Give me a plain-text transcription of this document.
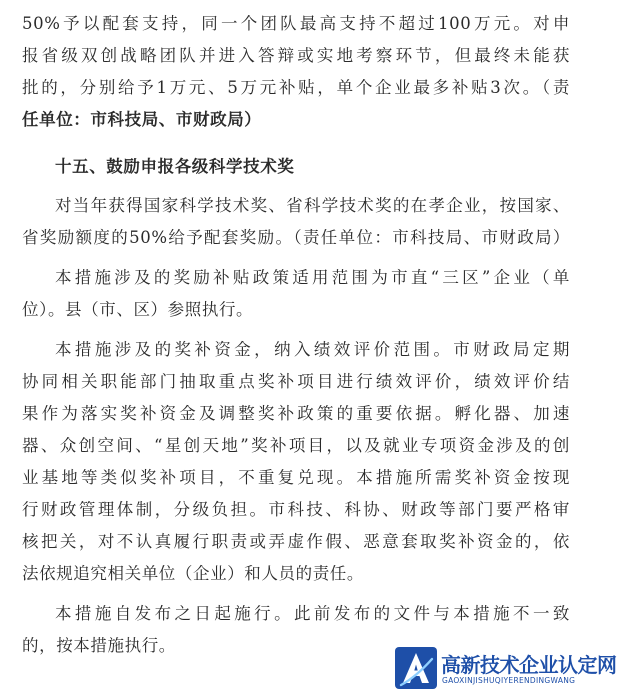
50%予以配套支持，同一个团队最高支持不超过100万元。对申
报省级双创战略团队并进入答辩或实地考察环节，但最终未能获
批的，分别给予1万元、5万元补贴，单个企业最多补贴3次。（责
任单位：市科技局、市财政局）
十五、鼓励申报各级科学技术奖
对当年获得国家科学技术奖、省科学技术奖的在孝企业，按国家、
省奖励额度的50%给予配套奖励。（责任单位：市科技局、市财政局）
本措施涉及的奖励补贴政策适用范围为市直“三区”企业（单
位）。县（市、区）参照执行。
本措施涉及的奖补资金，纳入绩效评价范围。市财政局定期
协同相关职能部门抽取重点奖补项目进行绩效评价，绩效评价结
果作为落实奖补资金及调整奖补政策的重要依据。孵化器、加速
器、众创空间、“星创天地”奖补项目，以及就业专项资金涉及的创
业基地等类似奖补项目，不重复兑现。本措施所需奖补资金按现
行财政管理体制，分级负担。市科技、科协、财政等部门要严格审
核把关，对不认真履行职责或弄虚作假、恶意套取奖补资金的，依
法依规追究相关单位（企业）和人员的责任。
本措施自发布之日起施行。此前发布的文件与本措施不一致
的，按本措施执行。
高新技术企业认定网
GAOXINJISHUQIYERENDINGWANG
